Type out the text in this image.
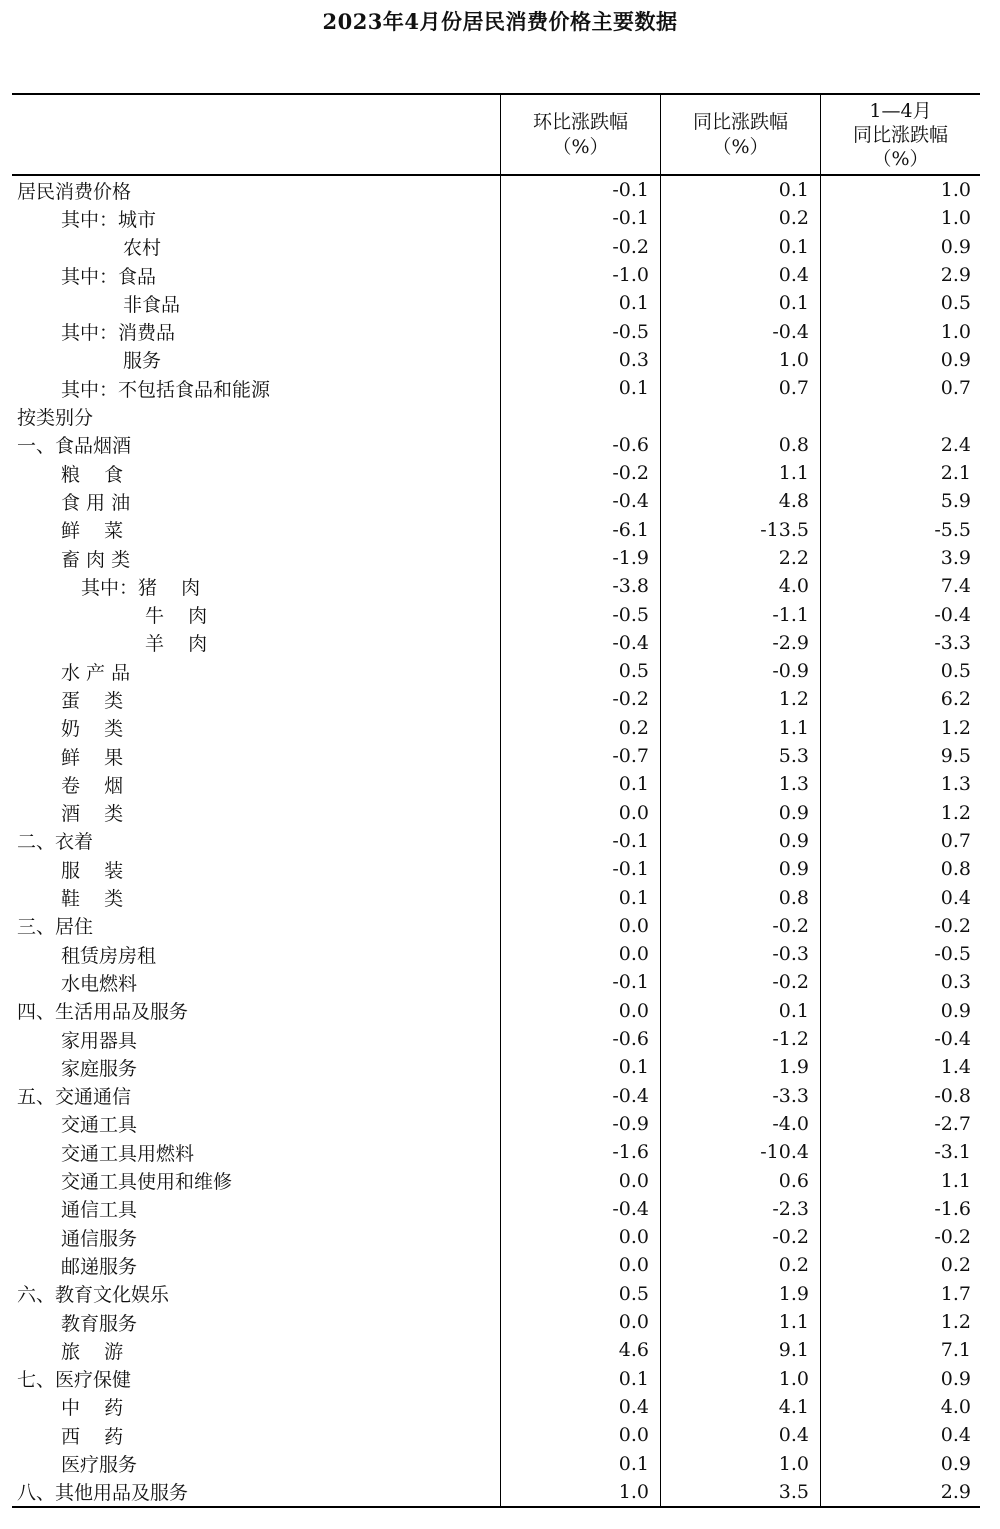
2023年4月份居民消费价格主要数据
环比涨跌幅
（%）
同比涨跌幅
（%）
1—4月
同比涨跌幅
（%）
居民消费价格	-0.1	0.1	1.0
其中：城市	-0.1	0.2	1.0
农村	-0.2	0.1	0.9
其中：食品	-1.0	0.4	2.9
非食品	0.1	0.1	0.5
其中：消费品	-0.5	-0.4	1.0
服务	0.3	1.0	0.9
其中：不包括食品和能源	0.1	0.7	0.7
按类别分
一、食品烟酒	-0.6	0.8	2.4
粮    食	-0.2	1.1	2.1
食 用 油	-0.4	4.8	5.9
鲜    菜	-6.1	-13.5	-5.5
畜 肉 类	-1.9	2.2	3.9
其中：猪    肉	-3.8	4.0	7.4
牛    肉	-0.5	-1.1	-0.4
羊    肉	-0.4	-2.9	-3.3
水 产 品	0.5	-0.9	0.5
蛋    类	-0.2	1.2	6.2
奶    类	0.2	1.1	1.2
鲜    果	-0.7	5.3	9.5
卷    烟	0.1	1.3	1.3
酒    类	0.0	0.9	1.2
二、衣着	-0.1	0.9	0.7
服    装	-0.1	0.9	0.8
鞋    类	0.1	0.8	0.4
三、居住	0.0	-0.2	-0.2
租赁房房租	0.0	-0.3	-0.5
水电燃料	-0.1	-0.2	0.3
四、生活用品及服务	0.0	0.1	0.9
家用器具	-0.6	-1.2	-0.4
家庭服务	0.1	1.9	1.4
五、交通通信	-0.4	-3.3	-0.8
交通工具	-0.9	-4.0	-2.7
交通工具用燃料	-1.6	-10.4	-3.1
交通工具使用和维修	0.0	0.6	1.1
通信工具	-0.4	-2.3	-1.6
通信服务	0.0	-0.2	-0.2
邮递服务	0.0	0.2	0.2
六、教育文化娱乐	0.5	1.9	1.7
教育服务	0.0	1.1	1.2
旅    游	4.6	9.1	7.1
七、医疗保健	0.1	1.0	0.9
中    药	0.4	4.1	4.0
西    药	0.0	0.4	0.4
医疗服务	0.1	1.0	0.9
八、其他用品及服务	1.0	3.5	2.9
